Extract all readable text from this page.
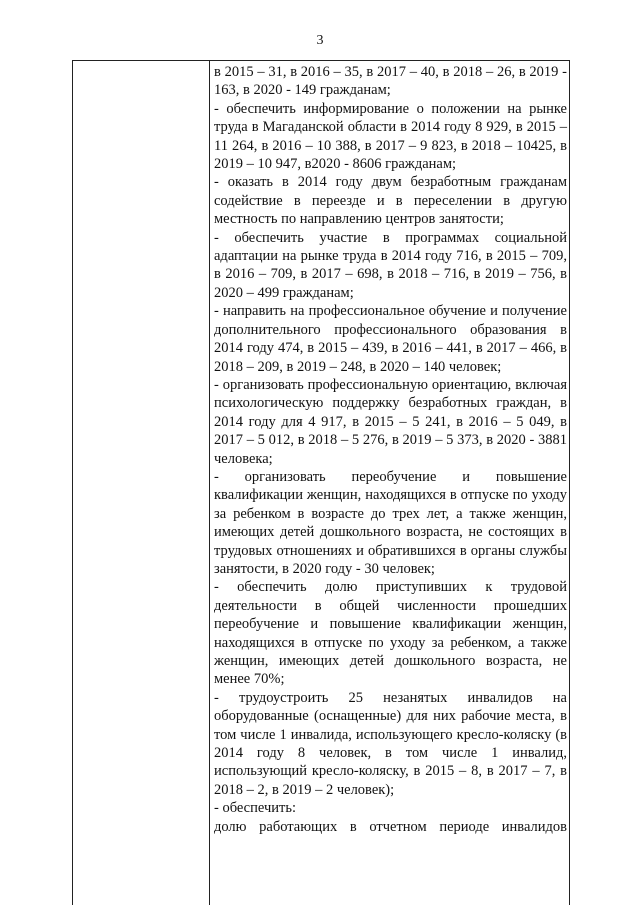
3

в 2015 – 31, в 2016 – 35, в 2017 – 40, в 2018 – 26, в 2019 - 163, в 2020 - 149 гражданам;

- обеспечить информирование о положении на рынке труда в Магаданской области в 2014 году 8 929, в 2015 – 11 264, в 2016 – 10 388, в 2017 – 9 823, в 2018 – 10425, в 2019 – 10 947, в2020 - 8606 гражданам;

- оказать в 2014 году двум безработным гражданам содействие в переезде и в переселении в другую местность по направлению центров занятости;

- обеспечить участие в программах социальной адаптации на рынке труда в 2014 году 716, в 2015 – 709, в 2016 – 709, в 2017 – 698, в 2018 – 716, в 2019 – 756, в 2020 – 499 гражданам;

- направить на профессиональное обучение и получение дополнительного профессионального образования в 2014 году 474, в 2015 – 439, в 2016 – 441, в 2017 – 466, в 2018 – 209, в 2019 – 248, в 2020 – 140 человек;

- организовать профессиональную ориентацию, включая психологическую поддержку безработных граждан, в 2014 году для 4 917, в 2015 – 5 241, в 2016 – 5 049, в 2017 – 5 012, в 2018 – 5 276, в 2019 – 5 373, в 2020 - 3881 человека;

- организовать переобучение и повышение квалификации женщин, находящихся в отпуске по уходу за ребенком в возрасте до трех лет, а также женщин, имеющих детей дошкольного возраста, не состоящих в трудовых отношениях и обратившихся в органы службы занятости, в 2020 году - 30 человек;

- обеспечить долю приступивших к трудовой деятельности в общей численности прошедших переобучение и повышение квалификации женщин, находящихся в отпуске по уходу за ребенком, а также женщин, имеющих детей дошкольного возраста, не менее 70%;

- трудоустроить 25 незанятых инвалидов на оборудованные (оснащенные) для них рабочие места, в том числе 1 инвалида, использующего кресло-коляску (в 2014 году 8 человек, в том числе 1 инвалид, использующий кресло-коляску, в 2015 – 8, в 2017 – 7, в 2018 – 2, в 2019 – 2 человек);

- обеспечить:

долю работающих в отчетном периоде инвалидов
